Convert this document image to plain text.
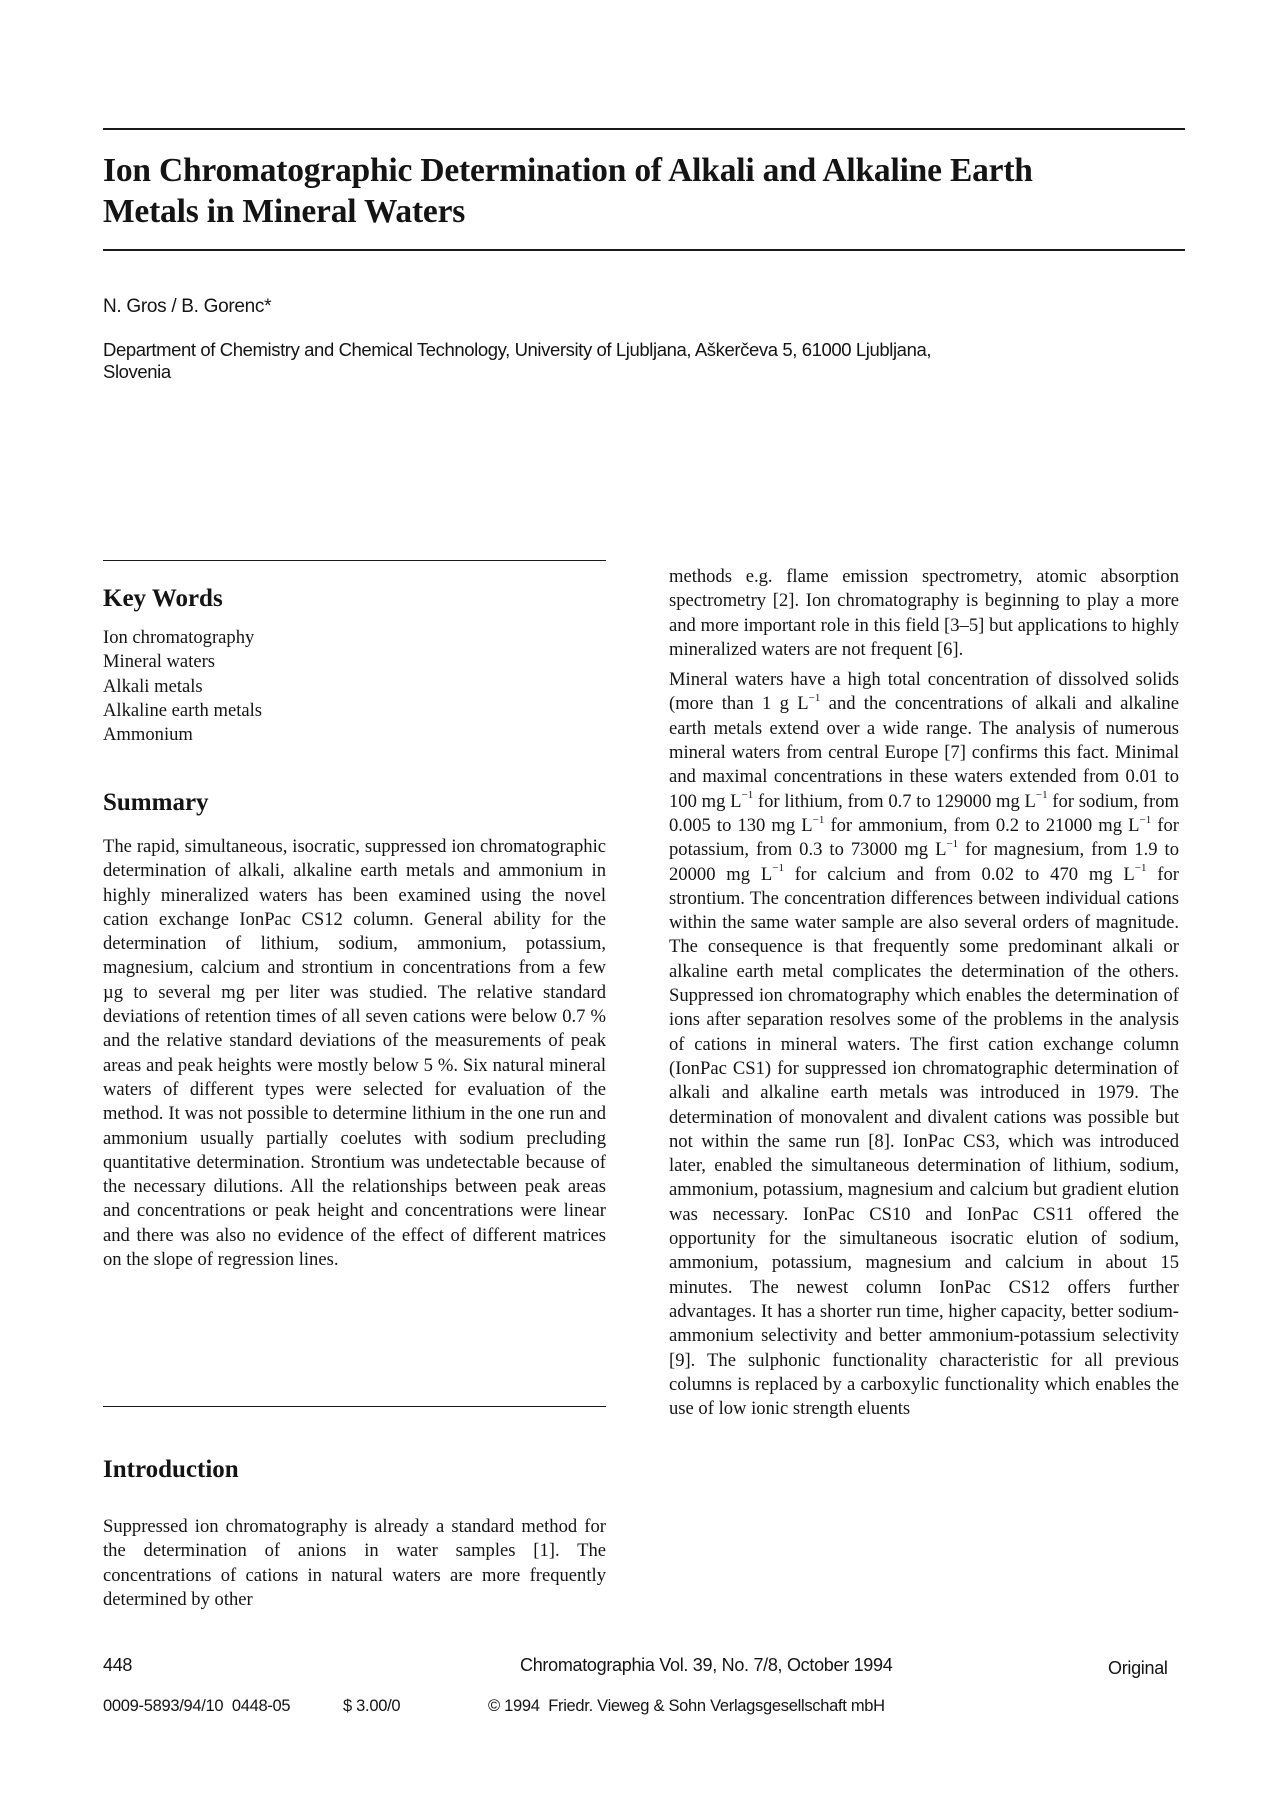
Ion Chromatographic Determination of Alkali and Alkaline Earth
Metals in Mineral Waters
N. Gros / B. Gorenc*
Department of Chemistry and Chemical Technology, University of Ljubljana, Aškerčeva 5, 61000 Ljubljana,
Slovenia
Key Words
Ion chromatography
Mineral waters
Alkali metals
Alkaline earth metals
Ammonium
Summary

The rapid, simultaneous, isocratic, suppressed ion chromatographic determination of alkali, alkaline earth metals and ammonium in highly mineralized waters has been examined using the novel cation exchange IonPac CS12 column. General ability for the determination of lithium, sodium, ammonium, potassium, magnesium, calcium and strontium in concentrations from a few µg to several mg per liter was studied. The relative standard deviations of retention times of all seven cations were below 0.7 % and the relative standard deviations of the measurements of peak areas and peak heights were mostly below 5 %. Six natural mineral waters of different types were selected for evaluation of the method. It was not possible to determine lithium in the one run and ammonium usually partially coelutes with sodium precluding quantitative determination. Strontium was undetectable because of the necessary dilutions. All the relationships between peak areas and concentrations or peak height and concentrations were linear and there was also no evidence of the effect of different matrices on the slope of regression lines.

Introduction

Suppressed ion chromatography is already a standard method for the determination of anions in water samples [1]. The concentrations of cations in natural waters are more frequently determined by other

methods e.g. flame emission spectrometry, atomic absorption spectrometry [2]. Ion chromatography is beginning to play a more and more important role in this field [3–5] but applications to highly mineralized waters are not frequent [6].

Mineral waters have a high total concentration of dissolved solids (more than 1 g $L^{-1}$ and the concentrations of alkali and alkaline earth metals extend over a wide range. The analysis of numerous mineral waters from central Europe [7] confirms this fact. Minimal and maximal concentrations in these waters extended from 0.01 to 100 mg $L^{-1}$ for lithium, from 0.7 to 129000 mg $L^{-1}$ for sodium, from 0.005 to 130 mg $L^{-1}$ for ammonium, from 0.2 to 21000 mg $L^{-1}$ for potassium, from 0.3 to 73000 mg $L^{-1}$ for magnesium, from 1.9 to 20000 mg $L^{-1}$ for calcium and from 0.02 to 470 mg $L^{-1}$ for strontium. The concentration differences between individual cations within the same water sample are also several orders of magnitude. The consequence is that frequently some predominant alkali or alkaline earth metal complicates the determination of the others. Suppressed ion chromatography which enables the determination of ions after separation resolves some of the problems in the analysis of cations in mineral waters. The first cation exchange column (IonPac CS1) for suppressed ion chromatographic determination of alkali and alkaline earth metals was introduced in 1979. The determination of monovalent and divalent cations was possible but not within the same run [8]. IonPac CS3, which was introduced later, enabled the simultaneous determination of lithium, sodium, ammonium, potassium, magnesium and calcium but gradient elution was necessary. IonPac CS10 and IonPac CS11 offered the opportunity for the simultaneous isocratic elution of sodium, ammonium, potassium, magnesium and calcium in about 15 minutes. The newest column IonPac CS12 offers further advantages. It has a shorter run time, higher capacity, better sodium-ammonium selectivity and better ammonium-potassium selectivity [9]. The sulphonic functionality characteristic for all previous columns is replaced by a carboxylic functionality which enables the use of low ionic strength eluents

448	Chromatographia Vol. 39, No. 7/8, October 1994	Original
0009-5893/94/10  0448-05	$ 3.00/0	© 1994  Friedr. Vieweg & Sohn Verlagsgesellschaft mbH
